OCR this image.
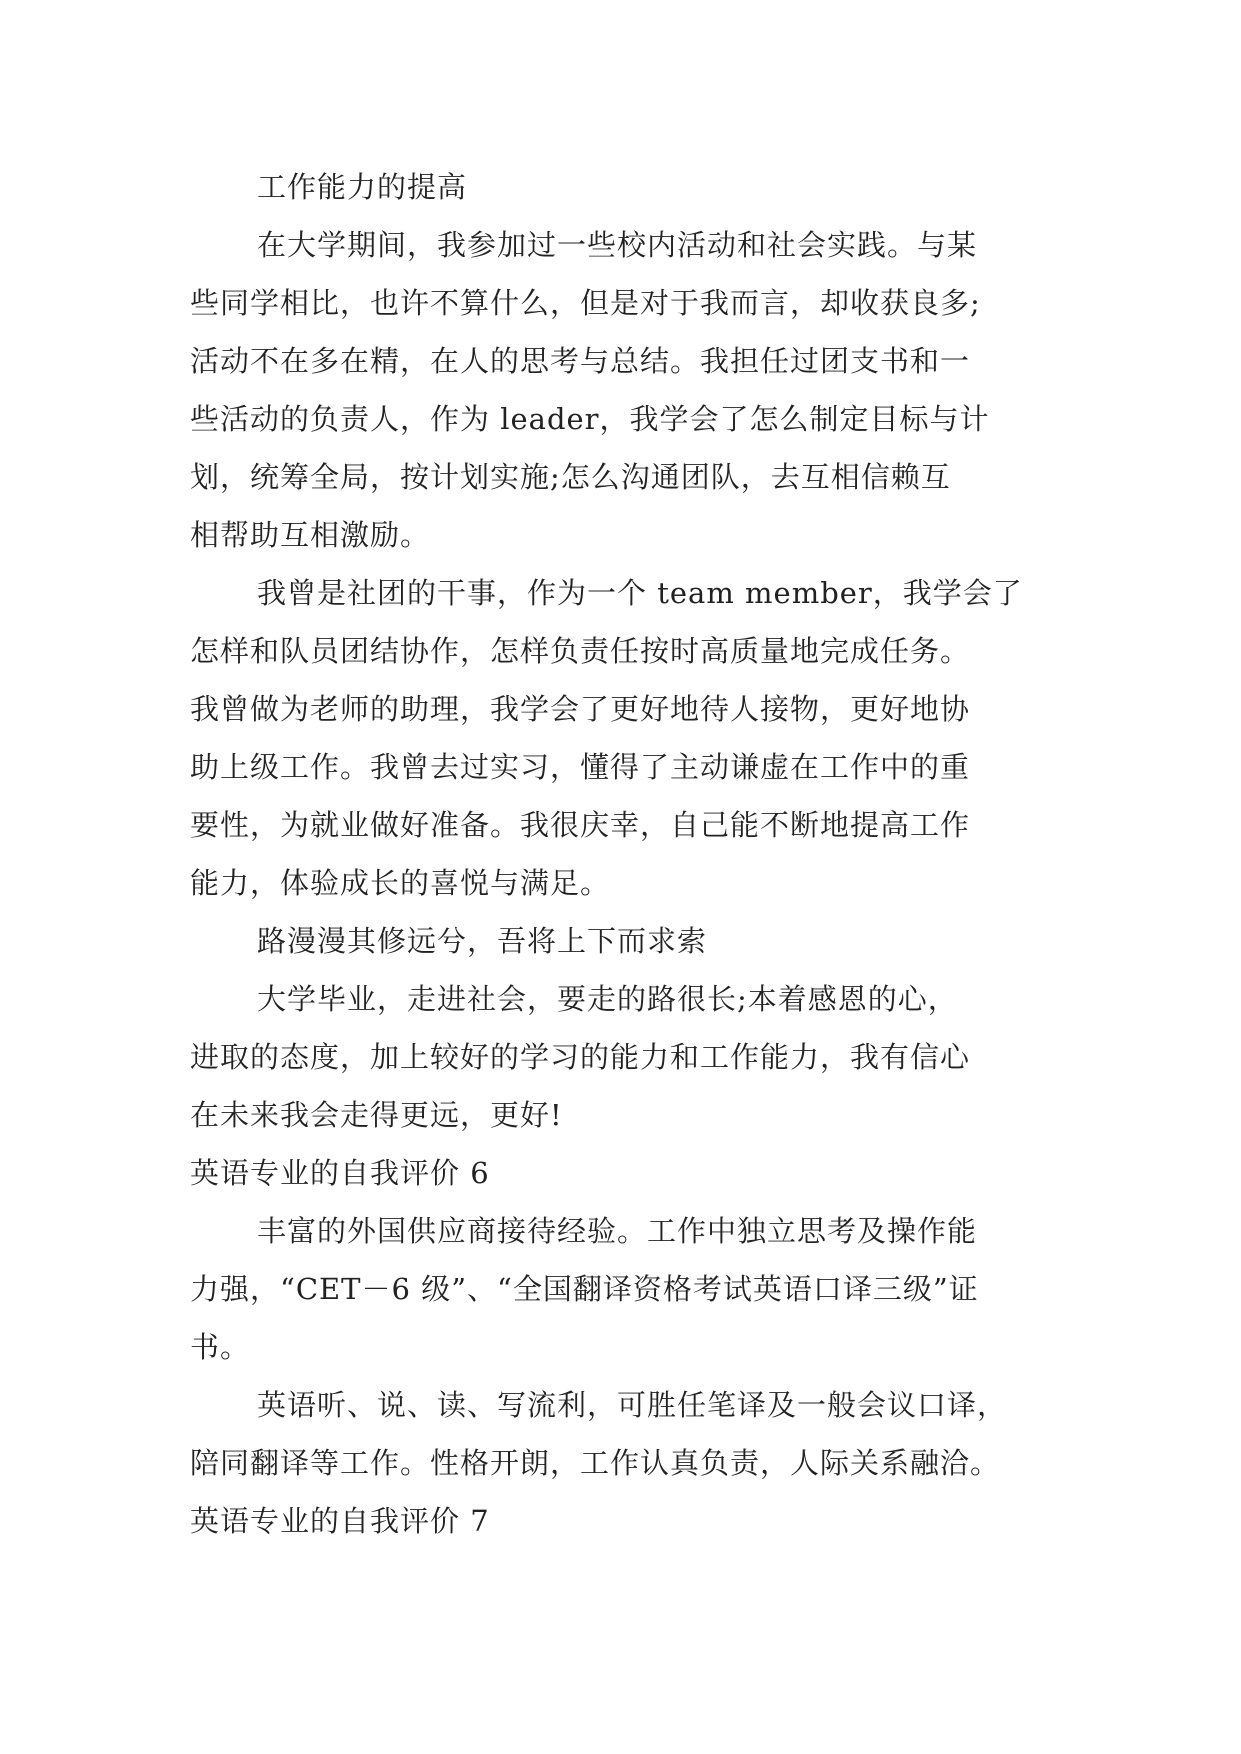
工作能力的提高
在大学期间，我参加过一些校内活动和社会实践。与某
些同学相比，也许不算什么，但是对于我而言，却收获良多;
活动不在多在精，在人的思考与总结。我担任过团支书和一
些活动的负责人，作为 leader，我学会了怎么制定目标与计
划，统筹全局，按计划实施;怎么沟通团队，去互相信赖互
相帮助互相激励。
我曾是社团的干事，作为一个 team member，我学会了
怎样和队员团结协作，怎样负责任按时高质量地完成任务。
我曾做为老师的助理，我学会了更好地待人接物，更好地协
助上级工作。我曾去过实习，懂得了主动谦虚在工作中的重
要性，为就业做好准备。我很庆幸，自己能不断地提高工作
能力，体验成长的喜悦与满足。
路漫漫其修远兮，吾将上下而求索
大学毕业，走进社会，要走的路很长;本着感恩的心，
进取的态度，加上较好的学习的能力和工作能力，我有信心
在未来我会走得更远，更好!
英语专业的自我评价 6
丰富的外国供应商接待经验。工作中独立思考及操作能
力强，“CET－6 级”、“全国翻译资格考试英语口译三级”证
书。
英语听、说、读、写流利，可胜任笔译及一般会议口译，
陪同翻译等工作。性格开朗，工作认真负责，人际关系融洽。
英语专业的自我评价 7
